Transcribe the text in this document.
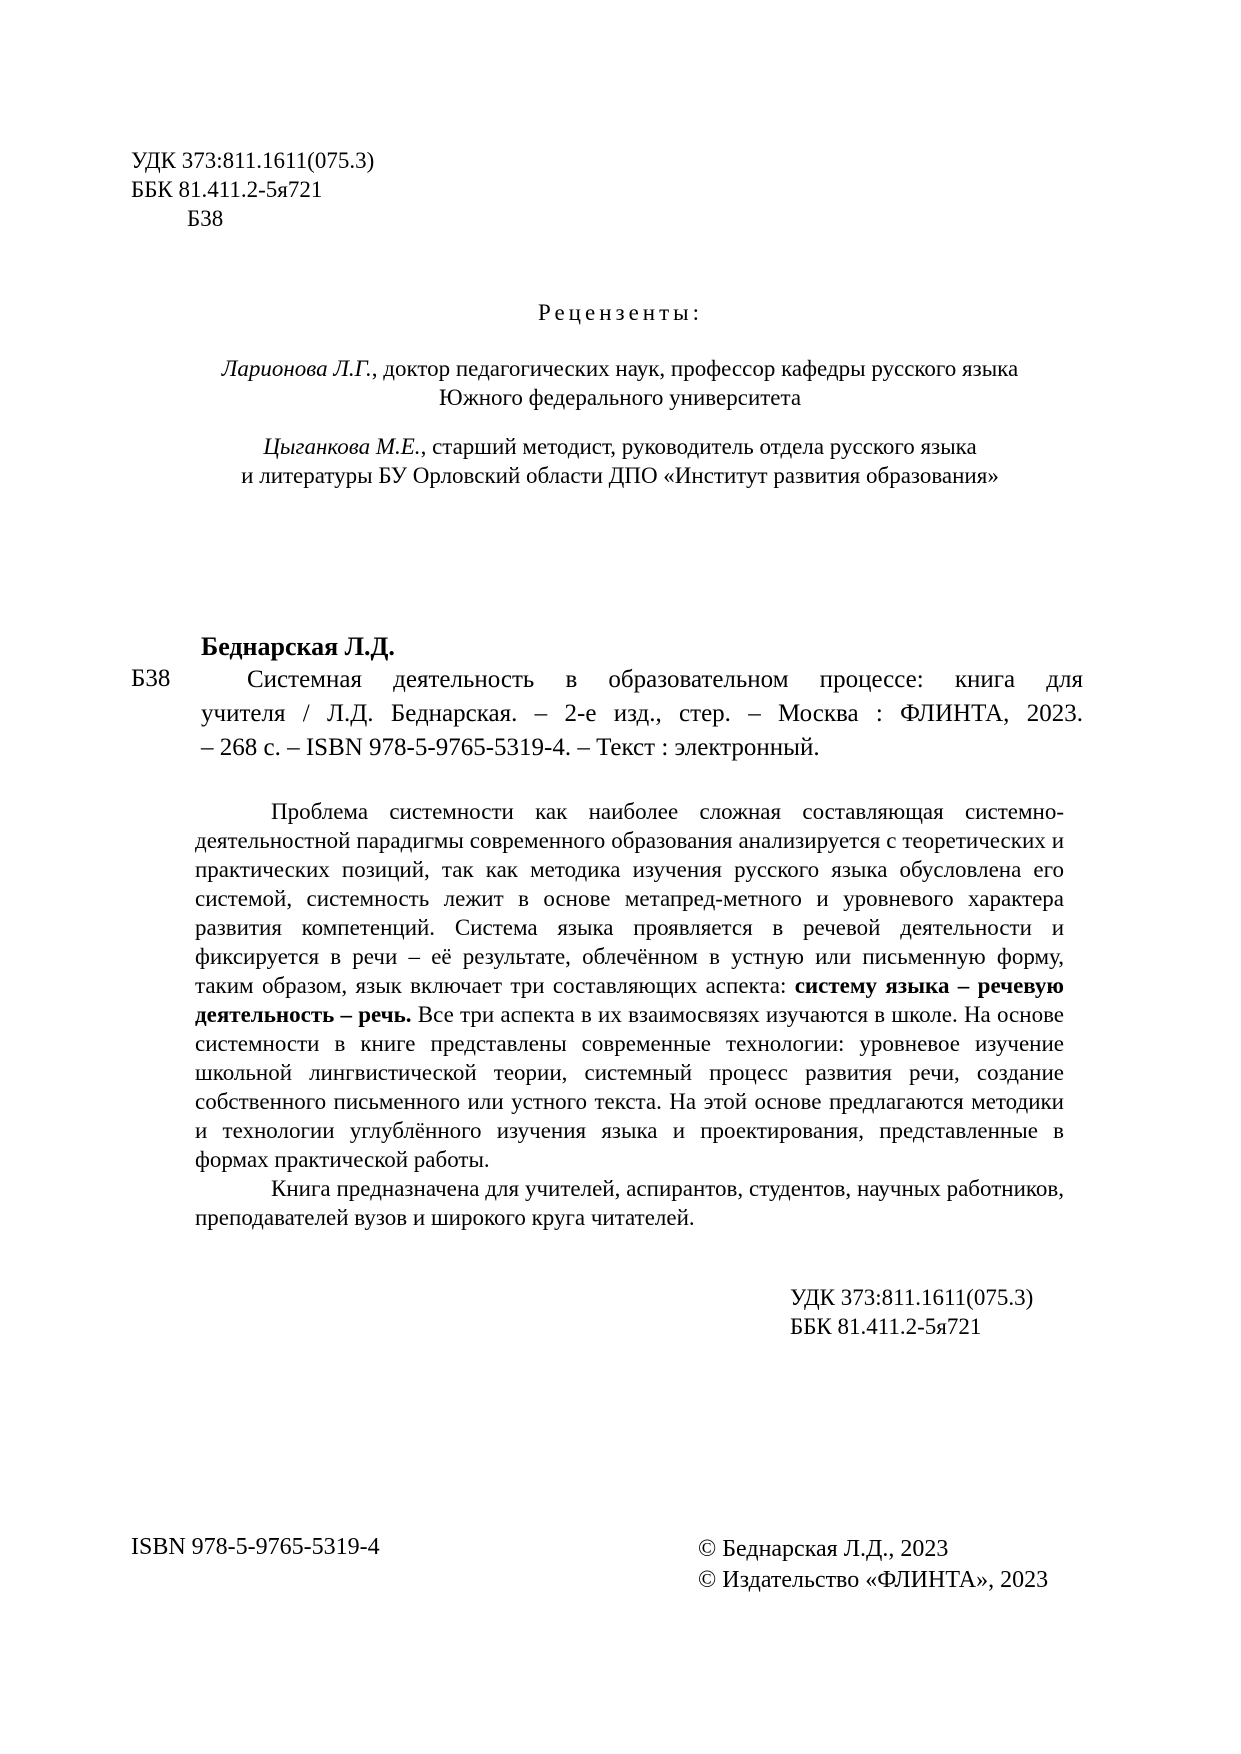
УДК 373:811.1611(075.3)
ББК 81.411.2-5я721
Б38
Рецензенты:
Ларионова Л.Г., доктор педагогических наук, профессор кафедры русского языка
Южного федерального университета
Цыганкова М.Е., старший методист, руководитель отдела русского языка
и литературы БУ Орловский области ДПО «Институт развития образования»
Беднарская Л.Д.
Б38	Системная деятельность в образовательном процессе: книга для
учителя / Л.Д. Беднарская. – 2-е изд., стер. – Москва : ФЛИНТА, 2023.
– 268 с. – ISBN 978-5-9765-5319-4. – Текст : электронный.

Проблема системности как наиболее сложная составляющая системно-деятельностной парадигмы современного образования анализируется с теоретических и практических позиций, так как методика изучения русского языка обусловлена его системой, системность лежит в основе метапред-метного и уровневого характера развития компетенций. Система языка проявляется в речевой деятельности и фиксируется в речи – её результате, облечённом в устную или письменную форму, таким образом, язык включает три составляющих аспекта: систему языка – речевую деятельность – речь. Все три аспекта в их взаимосвязях изучаются в школе. На основе системности в книге представлены современные технологии: уровневое изучение школьной лингвистической теории, системный процесс развития речи, создание собственного письменного или устного текста. На этой основе предлагаются методики и технологии углублённого изучения языка и проектирования, представленные в формах практической работы.

Книга предназначена для учителей, аспирантов, студентов, научных работников, преподавателей вузов и широкого круга читателей.

УДК 373:811.1611(075.3)
ББК 81.411.2-5я721
ISBN 978-5-9765-5319-4	© Беднарская Л.Д., 2023
© Издательство «ФЛИНТА», 2023
